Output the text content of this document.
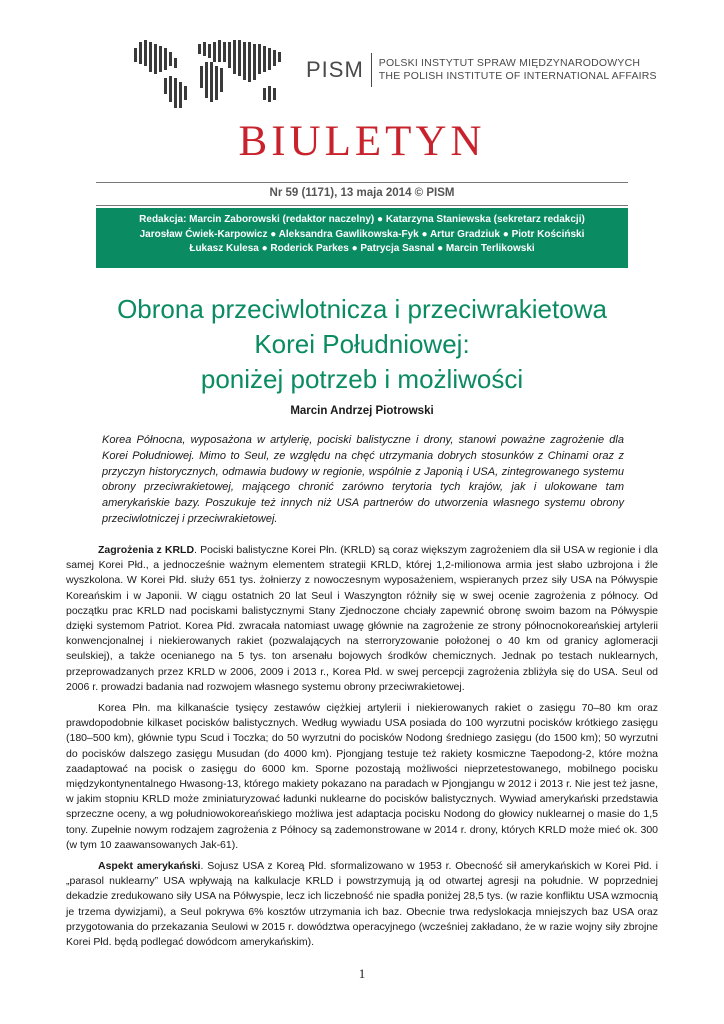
PISM	POLSKI INSTYTUT SPRAW MIĘDZYNARODOWYCH
THE POLISH INSTITUTE OF INTERNATIONAL AFFAIRS
BIULETYN
Nr 59 (1171), 13 maja 2014 © PISM
Redakcja: Marcin Zaborowski (redaktor naczelny) ● Katarzyna Staniewska (sekretarz redakcji)
Jarosław Ćwiek-Karpowicz ● Aleksandra Gawlikowska-Fyk ● Artur Gradziuk ● Piotr Kościński
Łukasz Kulesa ● Roderick Parkes ● Patrycja Sasnal ● Marcin Terlikowski
Obrona przeciwlotnicza i przeciwrakietowa
Korei Południowej:
poniżej potrzeb i możliwości
Marcin Andrzej Piotrowski
Korea Północna, wyposażona w artylerię, pociski balistyczne i drony, stanowi poważne zagrożenie dla Korei Południowej. Mimo to Seul, ze względu na chęć utrzymania dobrych stosunków z Chinami oraz z przyczyn historycznych, odmawia budowy w regionie, wspólnie z Japonią i USA, zintegrowanego systemu obrony przeciwrakietowej, mającego chronić zarówno terytoria tych krajów, jak i ulokowane tam amerykańskie bazy. Poszukuje też innych niż USA partnerów do utworzenia własnego systemu obrony przeciwlotniczej i przeciwrakietowej.

Zagrożenia z KRLD. Pociski balistyczne Korei Płn. (KRLD) są coraz większym zagrożeniem dla sił USA w regionie i dla samej Korei Płd., a jednocześnie ważnym elementem strategii KRLD, której 1,2-milionowa armia jest słabo uzbrojona i źle wyszkolona. W Korei Płd. służy 651 tys. żołnierzy z nowoczesnym wyposażeniem, wspieranych przez siły USA na Półwyspie Koreańskim i w Japonii. W ciągu ostatnich 20 lat Seul i Waszyngton różniły się w swej ocenie zagrożenia z północy. Od początku prac KRLD nad pociskami balistycznymi Stany Zjednoczone chciały zapewnić obronę swoim bazom na Półwyspie dzięki systemom Patriot. Korea Płd. zwracała natomiast uwagę głównie na zagrożenie ze strony północnokoreańskiej artylerii konwencjonalnej i niekierowanych rakiet (pozwalających na sterroryzowanie położonej o 40 km od granicy aglomeracji seulskiej), a także ocenianego na 5 tys. ton arsenału bojowych środków chemicznych. Jednak po testach nuklearnych, przeprowadzanych przez KRLD w 2006, 2009 i 2013 r., Korea Płd. w swej percepcji zagrożenia zbliżyła się do USA. Seul od 2006 r. prowadzi badania nad rozwojem własnego systemu obrony przeciwrakietowej.

Korea Płn. ma kilkanaście tysięcy zestawów ciężkiej artylerii i niekierowanych rakiet o zasięgu 70–80 km oraz prawdopodobnie kilkaset pocisków balistycznych. Według wywiadu USA posiada do 100 wyrzutni pocisków krótkiego zasięgu (180–500 km), głównie typu Scud i Toczka; do 50 wyrzutni do pocisków Nodong średniego zasięgu (do 1500 km); 50 wyrzutni do pocisków dalszego zasięgu Musudan (do 4000 km). Pjongjang testuje też rakiety kosmiczne Taepodong-2, które można zaadaptować na pocisk o zasięgu do 6000 km. Sporne pozostają możliwości nieprzetestowanego, mobilnego pocisku międzykontynentalnego Hwasong-13, którego makiety pokazano na paradach w Pjongjangu w 2012 i 2013 r. Nie jest też jasne, w jakim stopniu KRLD może zminiaturyzować ładunki nuklearne do pocisków balistycznych. Wywiad amerykański przedstawia sprzeczne oceny, a wg południowokoreańskiego możliwa jest adaptacja pocisku Nodong do głowicy nuklearnej o masie do 1,5 tony. Zupełnie nowym rodzajem zagrożenia z Północy są zademonstrowane w 2014 r. drony, których KRLD może mieć ok. 300 (w tym 10 zaawansowanych Jak-61).

Aspekt amerykański. Sojusz USA z Koreą Płd. sformalizowano w 1953 r. Obecność sił amerykańskich w Korei Płd. i „parasol nuklearny” USA wpływają na kalkulacje KRLD i powstrzymują ją od otwartej agresji na południe. W poprzedniej dekadzie zredukowano siły USA na Półwyspie, lecz ich liczebność nie spadła poniżej 28,5 tys. (w razie konfliktu USA wzmocnią je trzema dywizjami), a Seul pokrywa 6% kosztów utrzymania ich baz. Obecnie trwa redyslokacja mniejszych baz USA oraz przygotowania do przekazania Seulowi w 2015 r. dowództwa operacyjnego (wcześniej zakładano, że w razie wojny siły zbrojne Korei Płd. będą podlegać dowódcom amerykańskim).

1
